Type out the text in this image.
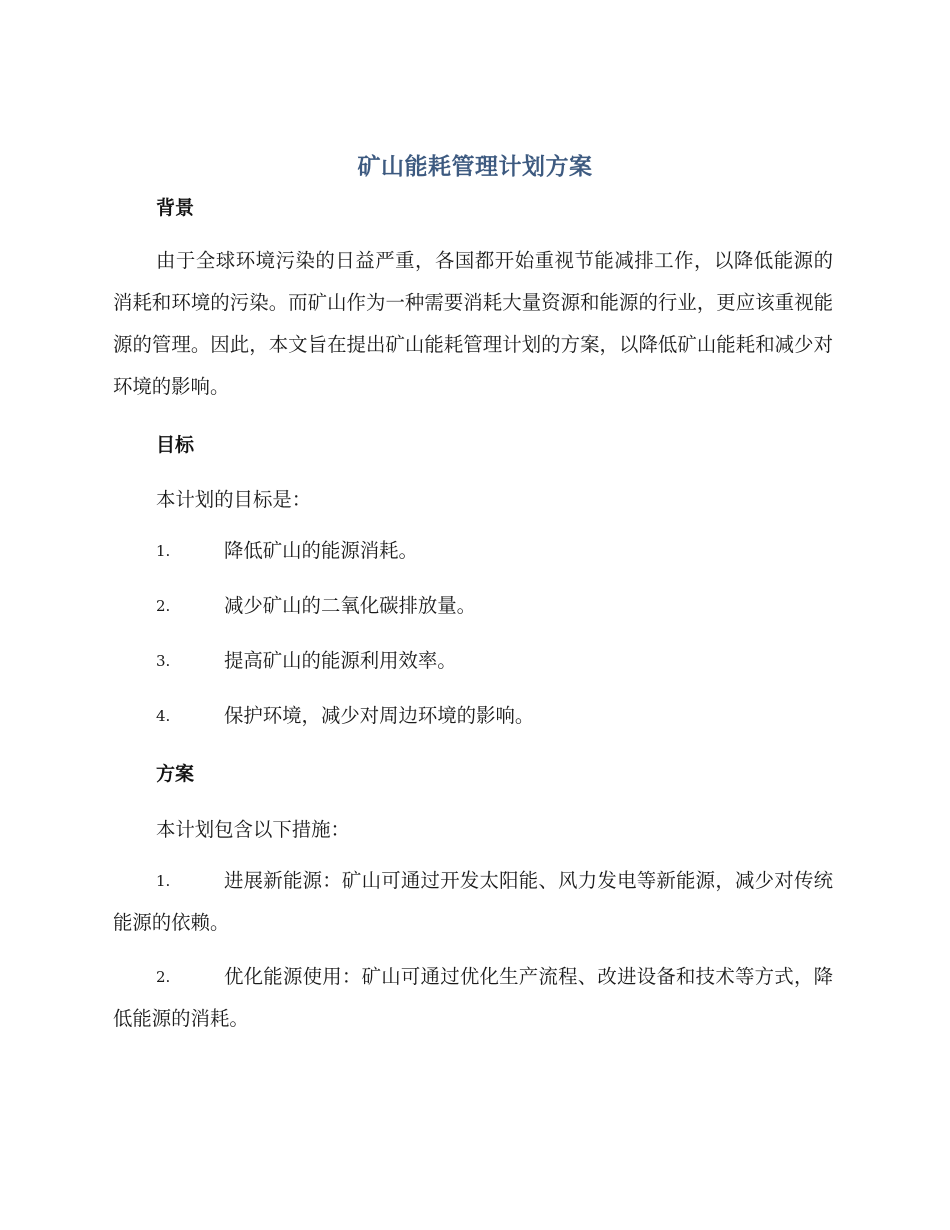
矿山能耗管理计划方案
背景
由于全球环境污染的日益严重，各国都开始重视节能减排工作，以降低能源的消耗和环境的污染。而矿山作为一种需要消耗大量资源和能源的行业，更应该重视能源的管理。因此，本文旨在提出矿山能耗管理计划的方案，以降低矿山能耗和减少对环境的影响。
目标
本计划的目标是：
1.	降低矿山的能源消耗。
2.	减少矿山的二氧化碳排放量。
3.	提高矿山的能源利用效率。
4.	保护环境，减少对周边环境的影响。
方案
本计划包含以下措施：
1.	进展新能源：矿山可通过开发太阳能、风力发电等新能源，减少对传统能源的依赖。
2.	优化能源使用：矿山可通过优化生产流程、改进设备和技术等方式，降低能源的消耗。
